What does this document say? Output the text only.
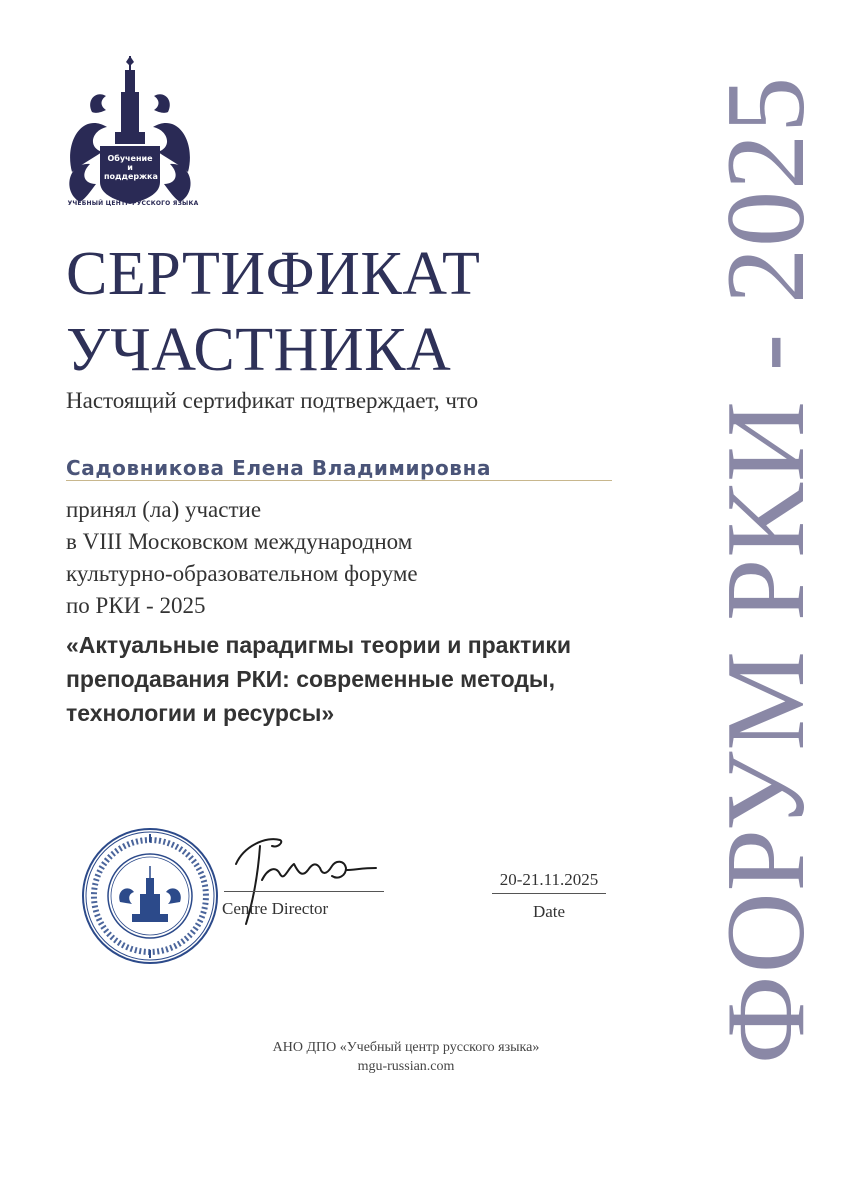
Обучение
и
поддержка
УЧЕБНЫЙ ЦЕНТР РУССКОГО ЯЗЫКА
СЕРТИФИКАТ
УЧАСТНИКА
Настоящий сертификат подтверждает, что
Садовникова Елена Владимировна
принял (ла) участие
в VIII Московском международном
культурно-образовательном форуме
по РКИ - 2025
«Актуальные парадигмы теории и практики
преподавания РКИ: современные методы,
технологии и ресурсы»
Centre Director
20-21.11.2025
Date
АНО ДПО «Учебный центр русского языка»
mgu-russian.com
ФОРУМ РКИ - 2025
